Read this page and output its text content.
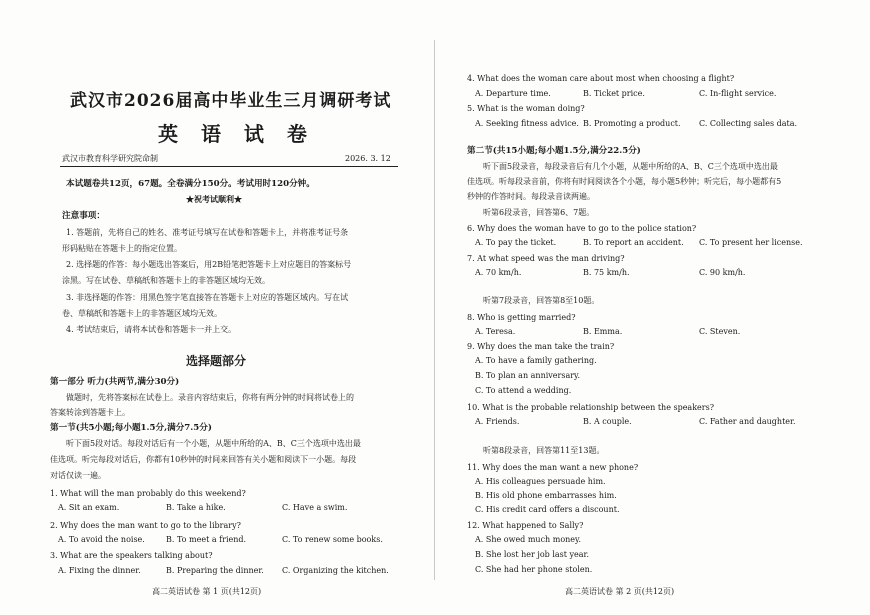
武汉市2026届高中毕业生三月调研考试
英 语 试 卷
武汉市教育科学研究院命制	2026. 3. 12
本试题卷共12页，67题。全卷满分150分。考试用时120分钟。
★祝考试顺利★
注意事项：
1. 答题前，先将自己的姓名、准考证号填写在试卷和答题卡上，并将准考证号条
形码粘贴在答题卡上的指定位置。
2. 选择题的作答：每小题选出答案后，用2B铅笔把答题卡上对应题目的答案标号
涂黑。写在试卷、草稿纸和答题卡上的非答题区域均无效。
3. 非选择题的作答：用黑色签字笔直接答在答题卡上对应的答题区域内。写在试
卷、草稿纸和答题卡上的非答题区域均无效。
4. 考试结束后，请将本试卷和答题卡一并上交。
选择题部分
第一部分 听力(共两节,满分30分)
做题时，先将答案标在试卷上。录音内容结束后，你将有两分钟的时间将试卷上的
答案转涂到答题卡上。
第一节(共5小题;每小题1.5分,满分7.5分)
听下面5段对话。每段对话后有一个小题，从题中所给的A、B、C三个选项中选出最
佳选项。听完每段对话后，你都有10秒钟的时间来回答有关小题和阅读下一小题。每段
对话仅读一遍。
1. What will the man probably do this weekend?
A. Sit an exam.	B. Take a hike.	C. Have a swim.
2. Why does the man want to go to the library?
A. To avoid the noise.	B. To meet a friend.	C. To renew some books.
3. What are the speakers talking about?
A. Fixing the dinner.	B. Preparing the dinner. C. Organizing the kitchen.
高二英语试卷 第 1 页(共12页)
4. What does the woman care about most when choosing a flight?
A. Departure time.	B. Ticket price.	C. In-flight service.
5. What is the woman doing?
A. Seeking fitness advice. B. Promoting a product. C. Collecting sales data.
第二节(共15小题;每小题1.5分,满分22.5分)
听下面5段录音，每段录音后有几个小题，从题中所给的A、B、C三个选项中选出最
佳选项。听每段录音前，你将有时间阅读各个小题，每小题5秒钟；听完后，每小题都有5
秒钟的作答时间。每段录音读两遍。
听第6段录音，回答第6、7题。
6. Why does the woman have to go to the police station?
A. To pay the ticket.	B. To report an accident. C. To present her license.
7. At what speed was the man driving?
A. 70 km/h.	B. 75 km/h.	C. 90 km/h.
听第7段录音，回答第8至10题。
8. Who is getting married?
A. Teresa.	B. Emma.	C. Steven.
9. Why does the man take the train?
A. To have a family gathering.
B. To plan an anniversary.
C. To attend a wedding.
10. What is the probable relationship between the speakers?
A. Friends.	B. A couple.	C. Father and daughter.
听第8段录音，回答第11至13题。
11. Why does the man want a new phone?
A. His colleagues persuade him.
B. His old phone embarrasses him.
C. His credit card offers a discount.
12. What happened to Sally?
A. She owed much money.
B. She lost her job last year.
C. She had her phone stolen.
高二英语试卷 第 2 页(共12页)
